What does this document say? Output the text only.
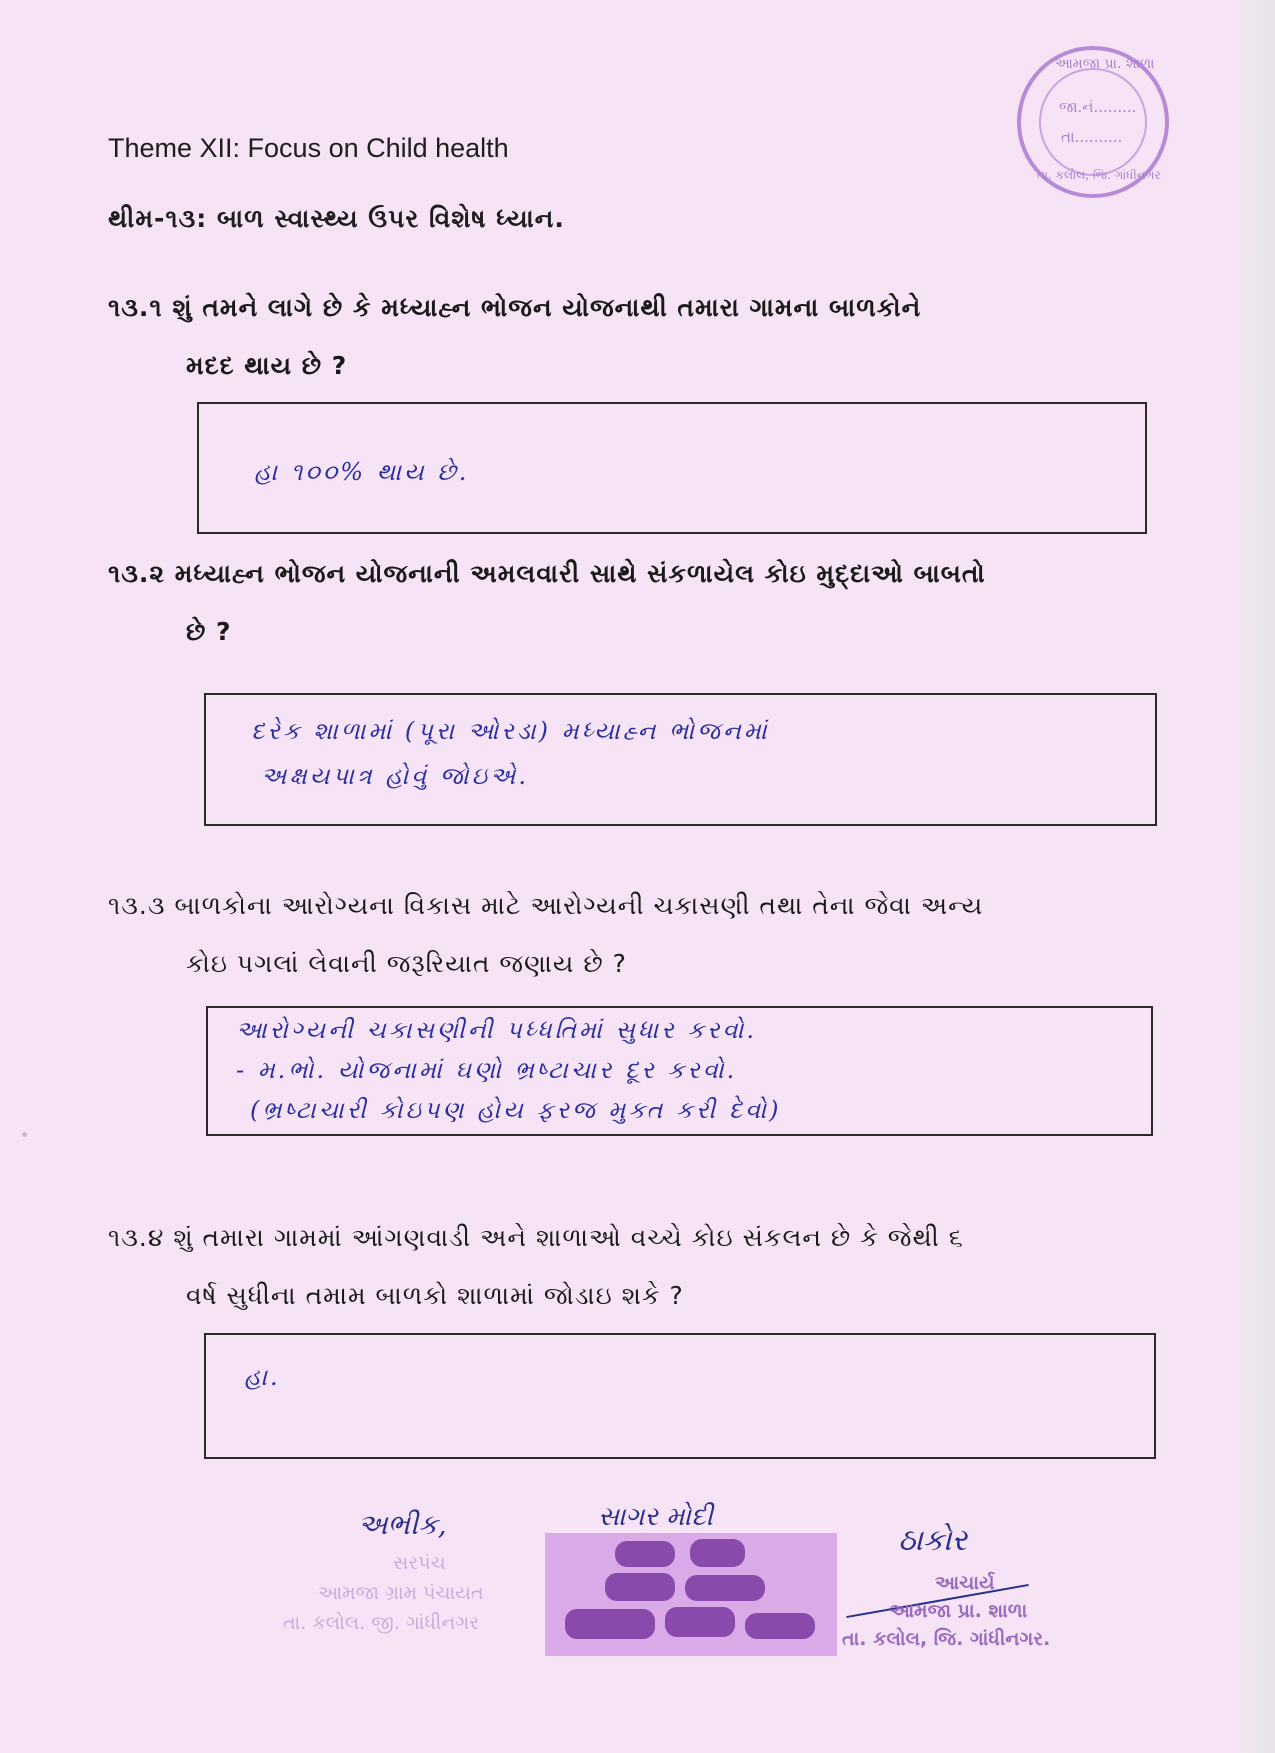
આમજા પ્રા. શાળા
જા.નં.........
તા..........
તા. કલોલ, જિ. ગાંધીનગર
Theme XII: Focus on Child health
થીમ-૧૩: બાળ સ્વાસ્થ્ય ઉપર વિશેષ ધ્યાન.
૧૩.૧ શું તમને લાગે છે કે મધ્યાહ્ન ભોજન યોજનાથી તમારા ગામના બાળકોને
મદદ થાય છે ?
હા ૧૦૦% થાય છે.
૧૩.૨ મધ્યાહ્ન ભોજન યોજનાની અમલવારી સાથે સંકળાયેલ કોઇ મુદ્દાઓ બાબતો
છે ?
દરેક શાળામાં (પૂરા ઓરડા) મધ્યાહ્ન ભોજનમાં
અક્ષયપાત્ર હોવું જોઇએ.
૧૩.૩ બાળકોના આરોગ્યના વિકાસ માટે આરોગ્યની ચકાસણી તથા તેના જેવા અન્ય
કોઇ પગલાં લેવાની જરૂરિયાત જણાય છે ?
આરોગ્યની ચકાસણીની પધ્ધતિમાં સુધાર કરવો.
- મ.ભો. યોજનામાં ઘણો ભ્રષ્ટાચાર દૂર કરવો.
(ભ્રષ્ટાચારી કોઇપણ હોય ફરજ મુક્ત કરી દેવો)
૧૩.૪ શું તમારા ગામમાં આંગણવાડી અને શાળાઓ વચ્ચે કોઇ સંકલન છે કે જેથી ૬
વર્ષ સુધીના તમામ બાળકો શાળામાં જોડાઇ શકે ?
હા.
અભીક,
સરપંચ
આમજા ગ્રામ પંચાયત
તા. કલોલ. જી. ગાંધીનગર
સાગર મોદી
ઠાકોર
આચાર્ય
આમજા પ્રા. શાળા
તા. કલોલ, જિ. ગાંધીનગર.
